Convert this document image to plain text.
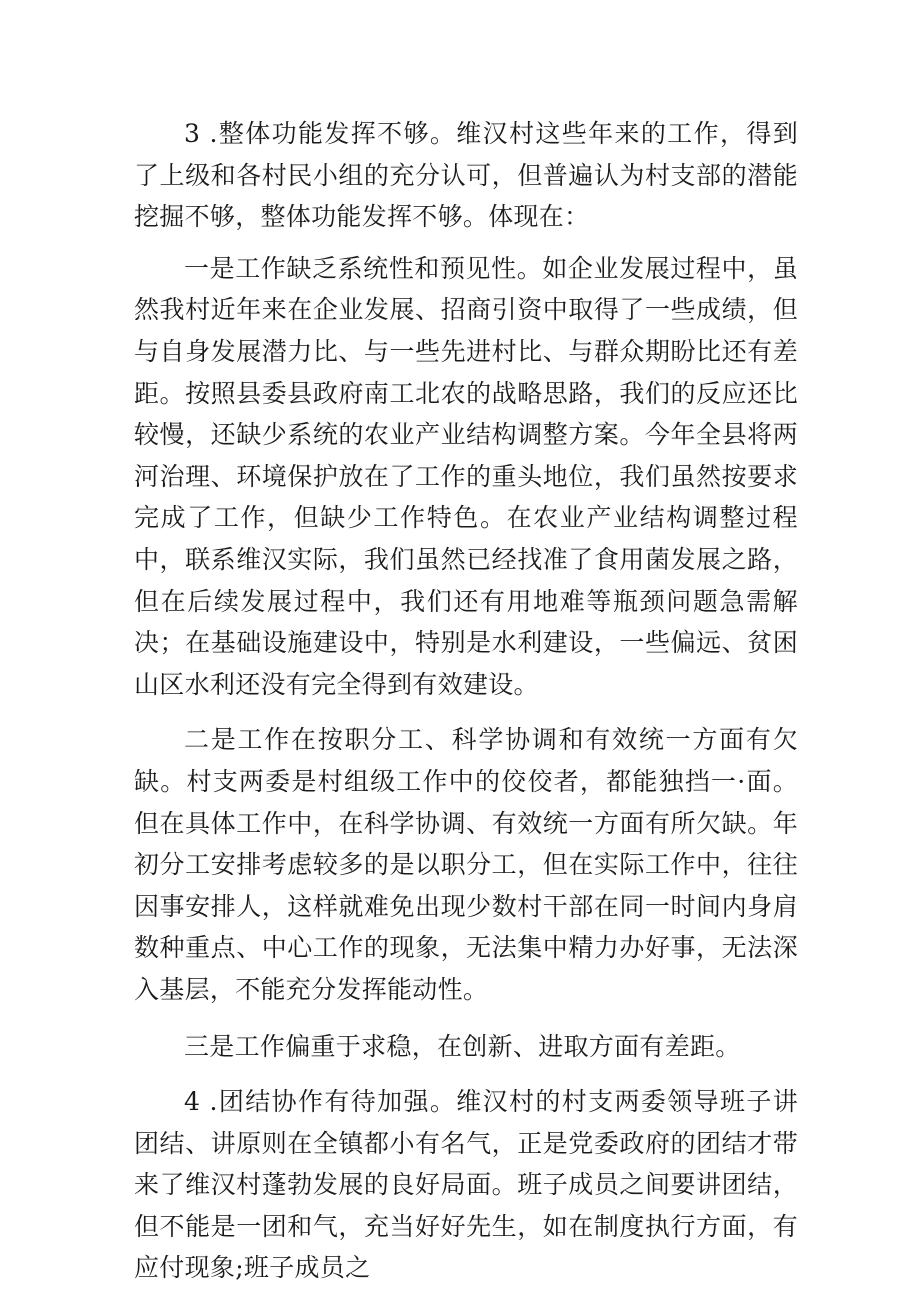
3 .整体功能发挥不够。维汉村这些年来的工作，得到了上级和各村民小组的充分认可，但普遍认为村支部的潜能挖掘不够，整体功能发挥不够。体现在：

一是工作缺乏系统性和预见性。如企业发展过程中，虽然我村近年来在企业发展、招商引资中取得了一些成绩，但与自身发展潜力比、与一些先进村比、与群众期盼比还有差距。按照县委县政府南工北农的战略思路，我们的反应还比较慢，还缺少系统的农业产业结构调整方案。今年全县将两河治理、环境保护放在了工作的重头地位，我们虽然按要求完成了工作，但缺少工作特色。在农业产业结构调整过程中，联系维汉实际，我们虽然已经找准了食用菌发展之路，但在后续发展过程中，我们还有用地难等瓶颈问题急需解决；在基础设施建设中，特别是水利建设，一些偏远、贫困山区水利还没有完全得到有效建设。

二是工作在按职分工、科学协调和有效统一方面有欠缺。村支两委是村组级工作中的佼佼者，都能独挡一·面。但在具体工作中，在科学协调、有效统一方面有所欠缺。年初分工安排考虑较多的是以职分工，但在实际工作中，往往因事安排人，这样就难免出现少数村干部在同一时间内身肩数种重点、中心工作的现象，无法集中精力办好事，无法深入基层，不能充分发挥能动性。

三是工作偏重于求稳，在创新、进取方面有差距。

4 .团结协作有待加强。维汉村的村支两委领导班子讲团结、讲原则在全镇都小有名气，正是党委政府的团结才带来了维汉村蓬勃发展的良好局面。班子成员之间要讲团结，但不能是一团和气，充当好好先生，如在制度执行方面，有应付现象;班子成员之
